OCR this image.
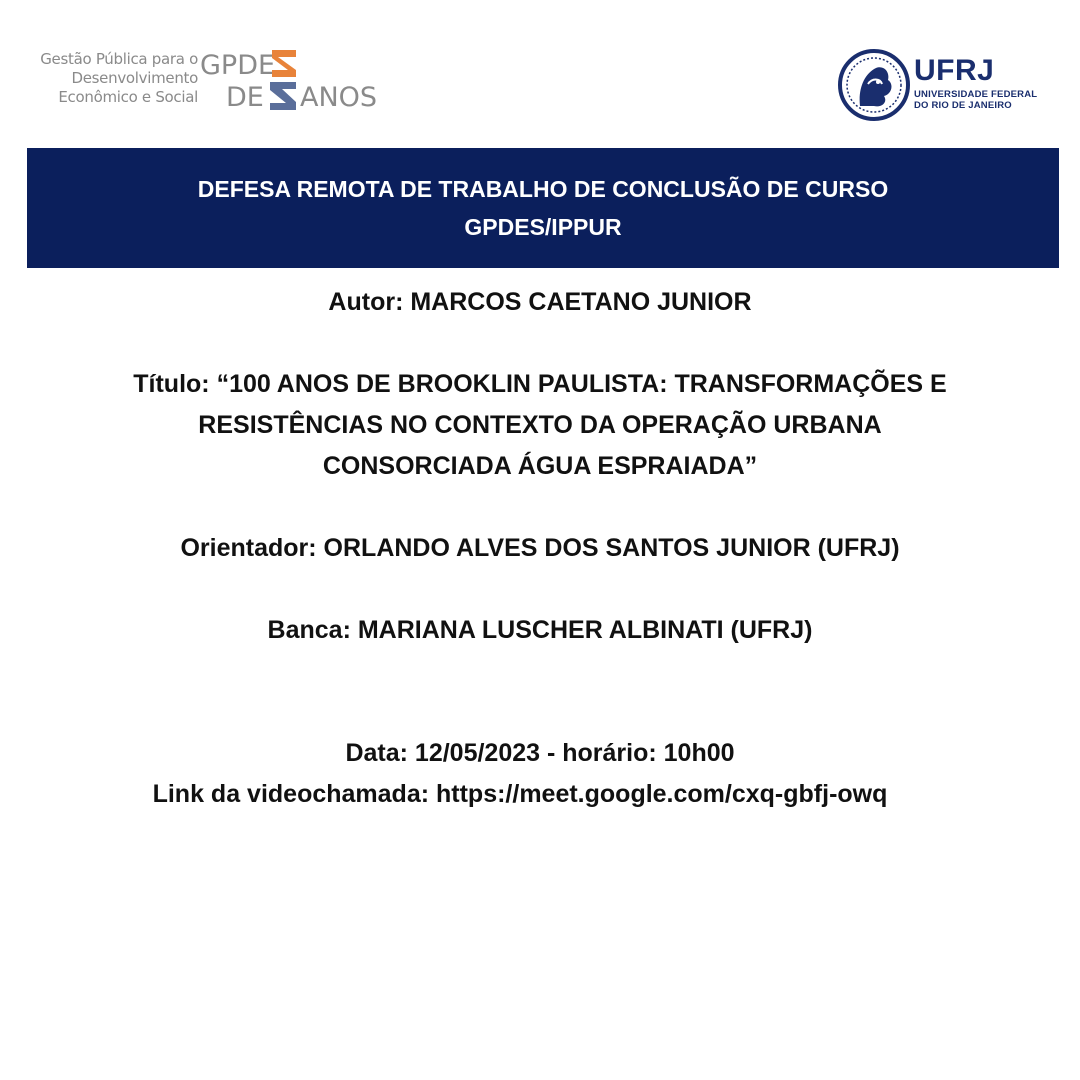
Gestão Pública para o
Desenvolvimento
Econômico e Social
GPDE
DE ANOS
UFRJ
UNIVERSIDADE FEDERAL
DO RIO DE JANEIRO
DEFESA REMOTA DE TRABALHO DE CONCLUSÃO DE CURSO
GPDES/IPPUR
Autor: MARCOS CAETANO JUNIOR
Título: “100 ANOS DE BROOKLIN PAULISTA: TRANSFORMAÇÕES E
RESISTÊNCIAS NO CONTEXTO DA OPERAÇÃO URBANA
CONSORCIADA ÁGUA ESPRAIADA”
Orientador: ORLANDO ALVES DOS SANTOS JUNIOR (UFRJ)
Banca: MARIANA LUSCHER ALBINATI (UFRJ)
Data: 12/05/2023 - horário: 10h00
Link da videochamada: https://meet.google.com/cxq-gbfj-owq
